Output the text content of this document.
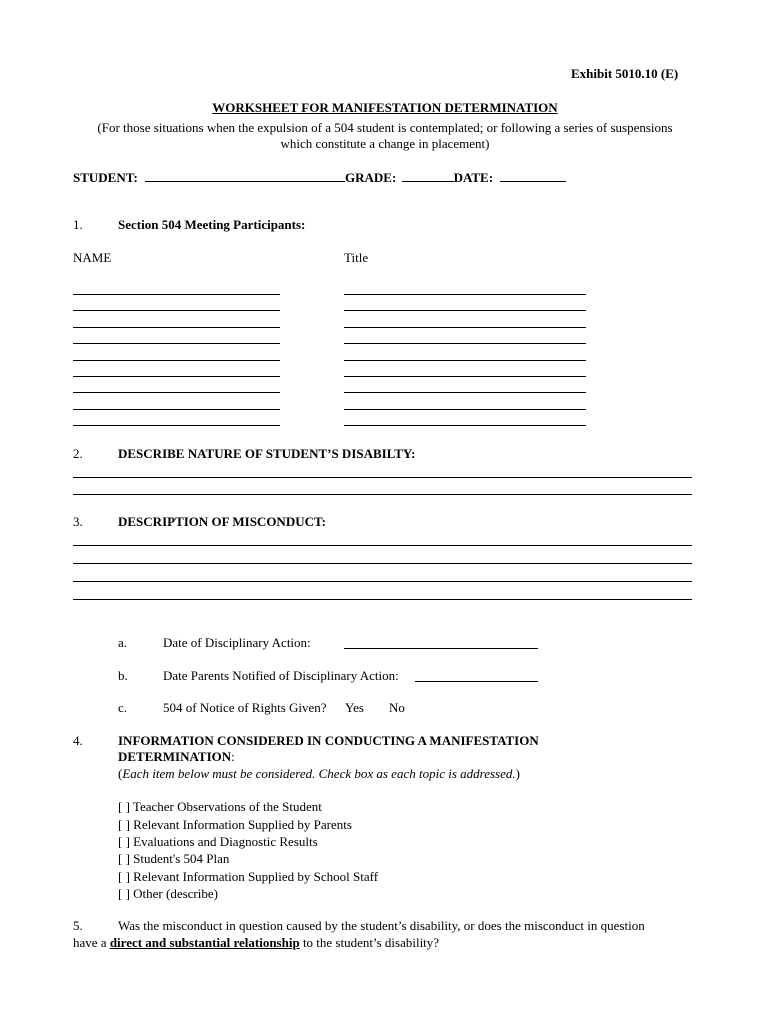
Exhibit 5010.10 (E)
WORKSHEET FOR MANIFESTATION DETERMINATION
(For those situations when the expulsion of a 504 student is contemplated; or following a series of suspensions
which constitute a change in placement)
STUDENT:	GRADE:	DATE:
1.	Section 504 Meeting Participants:
NAME	Title
2.	DESCRIBE NATURE OF STUDENT’S DISABILTY:
3.	DESCRIPTION OF MISCONDUCT:
a.	Date of Disciplinary Action:
b.	Date Parents Notified of Disciplinary Action:
c.	504 of Notice of Rights Given? Yes No
4.	INFORMATION CONSIDERED IN CONDUCTING A MANIFESTATION
DETERMINATION:
(Each item below must be considered. Check box as each topic is addressed.)
[ ] Teacher Observations of the Student
[ ] Relevant Information Supplied by Parents
[ ] Evaluations and Diagnostic Results
[ ] Student's 504 Plan
[ ] Relevant Information Supplied by School Staff
[ ] Other (describe)
5.	Was the misconduct in question caused by the student’s disability, or does the misconduct in question
have a direct and substantial relationship to the student’s disability?
